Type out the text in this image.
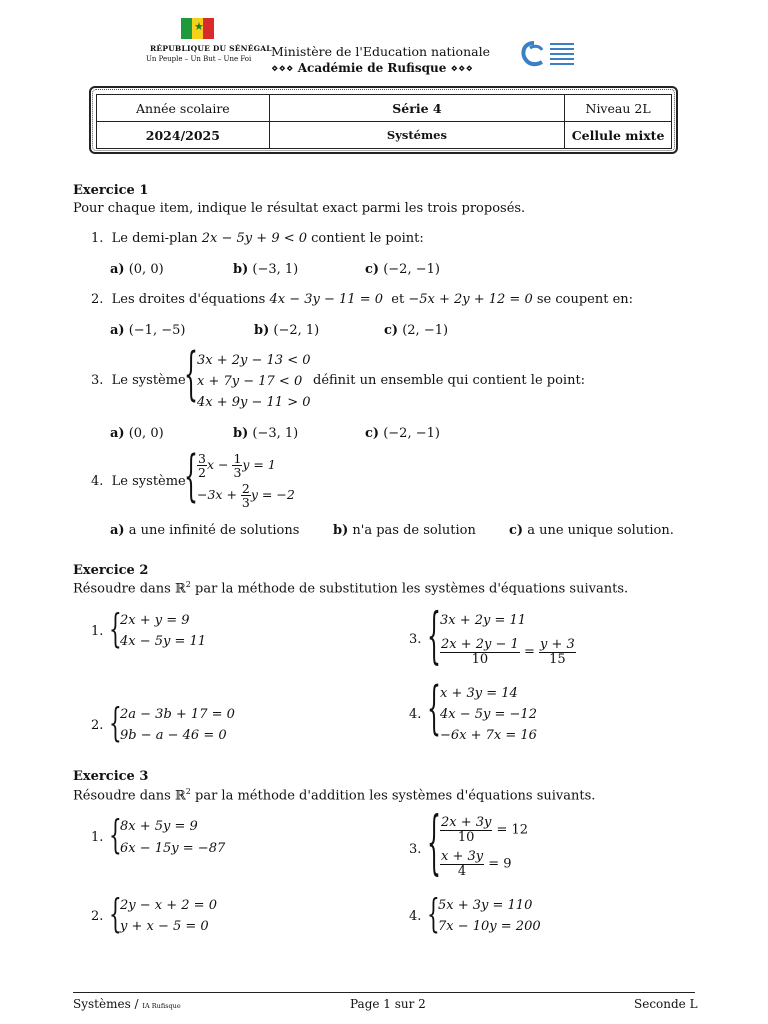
★
RÉPUBLIQUE DU SÉNÉGAL
Un Peuple – Un But – Une Foi Ministère de l'Education nationale
⋄⋄⋄ Académie de Rufisque ⋄⋄⋄
Année scolaire	Série 4	Niveau 2L
2024/2025	Systémes	Cellule mixte
Exercice 1
Pour chaque item, indique le résultat exact parmi les trois proposés.
1. Le demi-plan 2x − 5y + 9 < 0 contient le point:
a) (0, 0)	b) (−3, 1)	c) (−2, −1)
2. Les droites d'équations 4x − 3y − 11 = 0 et −5x + 2y + 12 = 0 se coupent en:
a) (−1, −5)	b) (−2, 1)	c) (2, −1)
3. Le système
{ 3x + 2y − 13 < 0
x + 7y − 17 < 0
4x + 9y − 11 > 0
définit un ensemble qui contient le point:
a) (0, 0)	b) (−3, 1)	c) (−2, −1)
4. Le système
{ $\frac{3}{2}$ $x - \frac{1}{3}$ y = 1
$-3x + \frac{2}{3}$ y = −2
a) a une infinité de solutions	b) n'a pas de solution	c) a une unique solution.
Exercice 2
Résoudre dans ℝ$^2$ par la méthode de substitution les systèmes d'équations suivants.
1. {
2x + y = 9
4x − 5y = 11
2. {
2a − 3b + 17 = 0
9b − a − 46 = 0
3. { 3x + 2y = 11
$\frac{2x + 2y - 1}{10} = \frac{y + 3}{15}$
4. { x + 3y = 14
4x − 5y = −12
−6x + 7x = 16
Exercice 3
Résoudre dans ℝ$^2$ par la méthode d'addition les systèmes d'équations suivants.
1. {
8x + 5y = 9
6x − 15y = −87
2. {
2y − x + 2 = 0
y + x − 5 = 0
3. { $\frac{2x + 3y}{10} = 12$
$\frac{x + 3y}{4} = 9$
4. {
5x + 3y = 110
7x − 10y = 200
Systèmes / IA Rufisque	Page 1 sur 2	Seconde L
